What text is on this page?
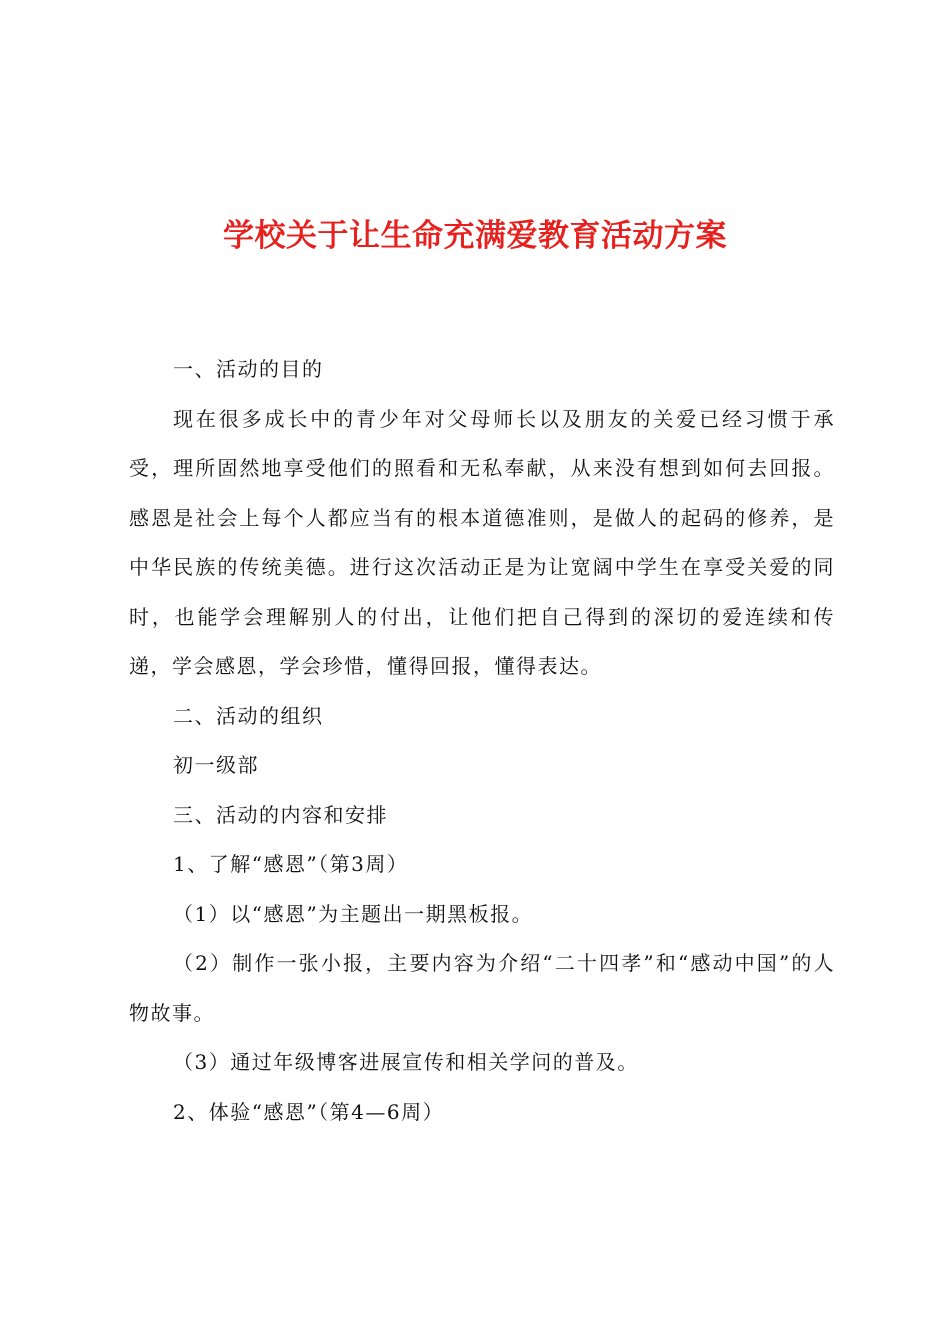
学校关于让生命充满爱教育活动方案

一、活动的目的

现在很多成长中的青少年对父母师长以及朋友的关爱已经习惯于承受，理所固然地享受他们的照看和无私奉献，从来没有想到如何去回报。感恩是社会上每个人都应当有的根本道德准则，是做人的起码的修养，是中华民族的传统美德。进行这次活动正是为让宽阔中学生在享受关爱的同时，也能学会理解别人的付出，让他们把自己得到的深切的爱连续和传递，学会感恩，学会珍惜，懂得回报，懂得表达。

二、活动的组织

初一级部

三、活动的内容和安排

1、了解“感恩”（第3周）

（1）以“感恩”为主题出一期黑板报。

（2）制作一张小报，主要内容为介绍“二十四孝”和“感动中国”的人物故事。

（3）通过年级博客进展宣传和相关学问的普及。

2、体验“感恩”（第4—6周）
